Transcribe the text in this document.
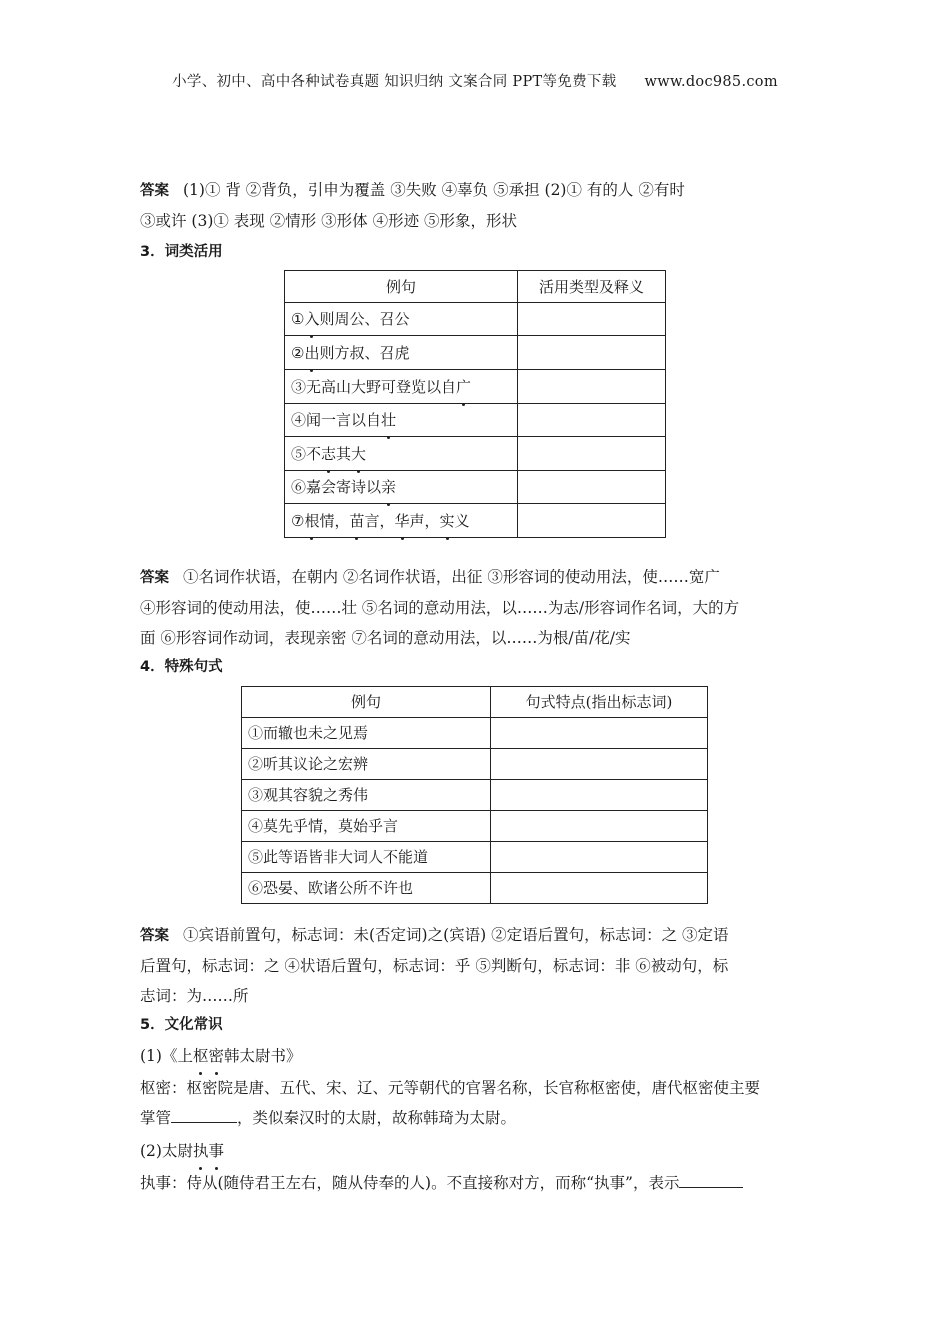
小学、初中、高中各种试卷真题 知识归纳 文案合同 PPT等免费下载 www.doc985.com
答案 (1)① 背 ②背负，引申为覆盖 ③失败 ④辜负 ⑤承担 (2)① 有的人 ②有时
③或许 (3)① 表现 ②情形 ③形体 ④形迹 ⑤形象，形状
3．词类活用
例句	活用类型及释义
①入则周公、召公	
②出则方叔、召虎	
③无高山大野可登览以自广	
④闻一言以自壮	
⑤不志其大	
⑥嘉会寄诗以亲	
⑦根情，苗言，华声，实义	
答案 ①名词作状语，在朝内 ②名词作状语，出征 ③形容词的使动用法，使……宽广
④形容词的使动用法，使……壮 ⑤名词的意动用法，以……为志/形容词作名词，大的方
面 ⑥形容词作动词，表现亲密 ⑦名词的意动用法，以……为根/苗/花/实
4．特殊句式
例句	句式特点(指出标志词)
①而辙也未之见焉	
②听其议论之宏辨	
③观其容貌之秀伟	
④莫先乎情，莫始乎言	
⑤此等语皆非大词人不能道	
⑥恐晏、欧诸公所不许也	
答案 ①宾语前置句，标志词：未(否定词)之(宾语) ②定语后置句，标志词：之 ③定语
后置句，标志词：之 ④状语后置句，标志词：乎 ⑤判断句，标志词：非 ⑥被动句，标
志词：为……所
5．文化常识
(1)《上枢密韩太尉书》
枢密：枢密院是唐、五代、宋、辽、元等朝代的官署名称，长官称枢密使，唐代枢密使主要
掌管	，类似秦汉时的太尉，故称韩琦为太尉。
(2)太尉执事
执事：侍从(随侍君王左右，随从侍奉的人)。不直接称对方，而称“执事”，表示
